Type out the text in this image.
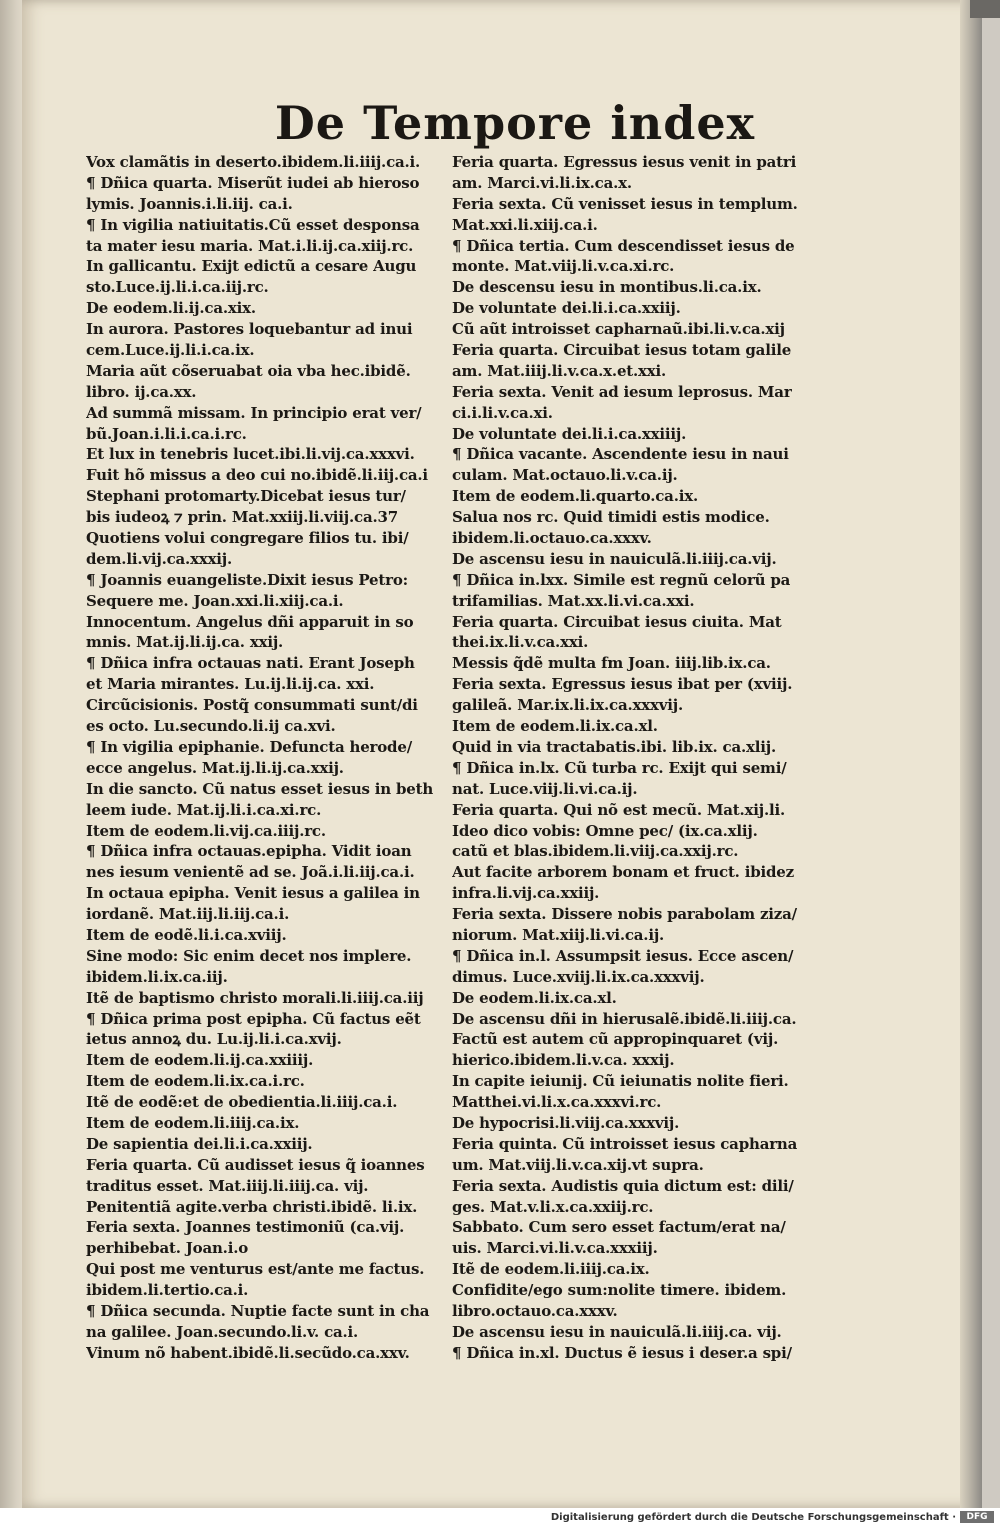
De Tempore index
Vox clamãtis in deserto.ibidem.li.iiij.ca.i.
¶ Dñica quarta. Miserũt iudei ab hieroso
lymis. Joannis.i.li.iij. ca.i.
¶ In vigilia natiuitatis.Cũ esset desponsa
ta mater iesu maria. Mat.i.li.ij.ca.xiij.rc.
In gallicantu. Exijt edictũ a cesare Augu
sto.Luce.ij.li.i.ca.iij.rc.
De eodem.li.ij.ca.xix.
In aurora. Pastores loquebantur ad inui
cem.Luce.ij.li.i.ca.ix.
Maria aũt cõseruabat oia vba hec.ibidẽ.
libro. ij.ca.xx.
Ad summã missam. In principio erat ver/
bũ.Joan.i.li.i.ca.i.rc.
Et lux in tenebris lucet.ibi.li.vij.ca.xxxvi.
Fuit hõ missus a deo cui no.ibidẽ.li.iij.ca.i
Stephani protomarty.Dicebat iesus tur/
bis iudeoꝝ ⁊ prin. Mat.xxiij.li.viij.ca.37
Quotiens volui congregare filios tu. ibi/
dem.li.vij.ca.xxxij.
¶ Joannis euangeliste.Dixit iesus Petro:
Sequere me. Joan.xxi.li.xiij.ca.i.
Innocentum. Angelus dñi apparuit in so
mnis. Mat.ij.li.ij.ca. xxij.
¶ Dñica infra octauas nati. Erant Joseph
et Maria mirantes. Lu.ij.li.ij.ca. xxi.
Circũcisionis. Postq̃ consummati sunt/di
es octo. Lu.secundo.li.ij ca.xvi.
¶ In vigilia epiphanie. Defuncta herode/
ecce angelus. Mat.ij.li.ij.ca.xxij.
In die sancto. Cũ natus esset iesus in beth
leem iude. Mat.ij.li.i.ca.xi.rc.
Item de eodem.li.vij.ca.iiij.rc.
¶ Dñica infra octauas.epipha. Vidit ioan
nes iesum venientẽ ad se. Joã.i.li.iij.ca.i.
In octaua epipha. Venit iesus a galilea in
iordanẽ. Mat.iij.li.iij.ca.i.
Item de eodẽ.li.i.ca.xviij.
Sine modo: Sic enim decet nos implere.
ibidem.li.ix.ca.iij.
Itẽ de baptismo christo morali.li.iiij.ca.iij
¶ Dñica prima post epipha. Cũ factus eẽt
ietus annoꝝ du. Lu.ij.li.i.ca.xvij.
Item de eodem.li.ij.ca.xxiiij.
Item de eodem.li.ix.ca.i.rc.
Itẽ de eodẽ:et de obedientia.li.iiij.ca.i.
Item de eodem.li.iiij.ca.ix.
De sapientia dei.li.i.ca.xxiij.
Feria quarta. Cũ audisset iesus q̃ ioannes
traditus esset. Mat.iiij.li.iiij.ca. vij.
Penitentiã agite.verba christi.ibidẽ. li.ix.
Feria sexta. Joannes testimoniũ (ca.vij.
perhibebat. Joan.i.o
Qui post me venturus est/ante me factus.
ibidem.li.tertio.ca.i.
¶ Dñica secunda. Nuptie facte sunt in cha
na galilee. Joan.secundo.li.v. ca.i.
Vinum nõ habent.ibidẽ.li.secũdo.ca.xxv.
Feria quarta. Egressus iesus venit in patri
am. Marci.vi.li.ix.ca.x.
Feria sexta. Cũ venisset iesus in templum.
Mat.xxi.li.xiij.ca.i.
¶ Dñica tertia. Cum descendisset iesus de
monte. Mat.viij.li.v.ca.xi.rc.
De descensu iesu in montibus.li.ca.ix.
De voluntate dei.li.i.ca.xxiij.
Cũ aũt introisset capharnaũ.ibi.li.v.ca.xij
Feria quarta. Circuibat iesus totam galile
am. Mat.iiij.li.v.ca.x.et.xxi.
Feria sexta. Venit ad iesum leprosus. Mar
ci.i.li.v.ca.xi.
De voluntate dei.li.i.ca.xxiiij.
¶ Dñica vacante. Ascendente iesu in naui
culam. Mat.octauo.li.v.ca.ij.
Item de eodem.li.quarto.ca.ix.
Salua nos rc. Quid timidi estis modice.
ibidem.li.octauo.ca.xxxv.
De ascensu iesu in nauiculã.li.iiij.ca.vij.
¶ Dñica in.lxx. Simile est regnũ celorũ pa
trifamilias. Mat.xx.li.vi.ca.xxi.
Feria quarta. Circuibat iesus ciuita. Mat
thei.ix.li.v.ca.xxi.
Messis q̃dẽ multa fm Joan. iiij.lib.ix.ca.
Feria sexta. Egressus iesus ibat per (xviij.
galileã. Mar.ix.li.ix.ca.xxxvij.
Item de eodem.li.ix.ca.xl.
Quid in via tractabatis.ibi. lib.ix. ca.xlij.
¶ Dñica in.lx. Cũ turba rc. Exijt qui semi/
nat. Luce.viij.li.vi.ca.ij.
Feria quarta. Qui nõ est mecũ. Mat.xij.li.
Ideo dico vobis: Omne pec/ (ix.ca.xlij.
catũ et blas.ibidem.li.viij.ca.xxij.rc.
Aut facite arborem bonam et fruct. ibidez
infra.li.vij.ca.xxiij.
Feria sexta. Dissere nobis parabolam ziza/
niorum. Mat.xiij.li.vi.ca.ij.
¶ Dñica in.l. Assumpsit iesus. Ecce ascen/
dimus. Luce.xviij.li.ix.ca.xxxvij.
De eodem.li.ix.ca.xl.
De ascensu dñi in hierusalẽ.ibidẽ.li.iiij.ca.
Factũ est autem cũ appropinquaret (vij.
hierico.ibidem.li.v.ca. xxxij.
In capite ieiunij. Cũ ieiunatis nolite fieri.
Matthei.vi.li.x.ca.xxxvi.rc.
De hypocrisi.li.viij.ca.xxxvij.
Feria quinta. Cũ introisset iesus capharna
um. Mat.viij.li.v.ca.xij.vt supra.
Feria sexta. Audistis quia dictum est: dili/
ges. Mat.v.li.x.ca.xxiij.rc.
Sabbato. Cum sero esset factum/erat na/
uis. Marci.vi.li.v.ca.xxxiij.
Itẽ de eodem.li.iiij.ca.ix.
Confidite/ego sum:nolite timere. ibidem.
libro.octauo.ca.xxxv.
De ascensu iesu in nauiculã.li.iiij.ca. vij.
¶ Dñica in.xl. Ductus ẽ iesus i deser.a spi/
Digitalisierung gefördert durch die Deutsche Forschungsgemeinschaft ·	DFG
